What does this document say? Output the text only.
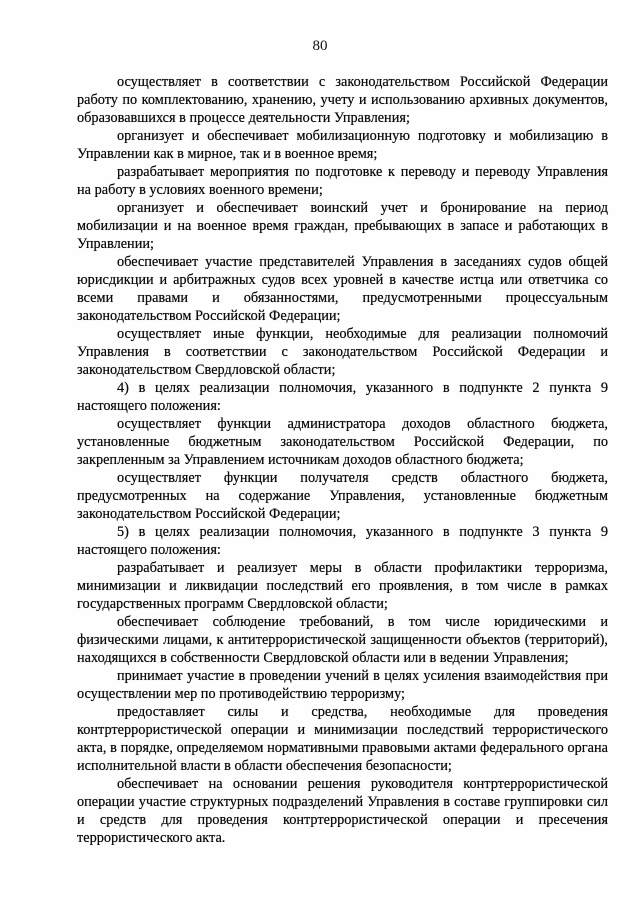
80

осуществляет в соответствии с законодательством Российской Федерации работу по комплектованию, хранению, учету и использованию архивных документов, образовавшихся в процессе деятельности Управления;

организует и обеспечивает мобилизационную подготовку и мобилизацию в Управлении как в мирное, так и в военное время;

разрабатывает мероприятия по подготовке к переводу и переводу Управления на работу в условиях военного времени;

организует и обеспечивает воинский учет и бронирование на период мобилизации и на военное время граждан, пребывающих в запасе и работающих в Управлении;

обеспечивает участие представителей Управления в заседаниях судов общей юрисдикции и арбитражных судов всех уровней в качестве истца или ответчика со всеми правами и обязанностями, предусмотренными процессуальным законодательством Российской Федерации;

осуществляет иные функции, необходимые для реализации полномочий Управления в соответствии с законодательством Российской Федерации и законодательством Свердловской области;

4) в целях реализации полномочия, указанного в подпункте 2 пункта 9 настоящего положения:

осуществляет функции администратора доходов областного бюджета, установленные бюджетным законодательством Российской Федерации, по закрепленным за Управлением источникам доходов областного бюджета;

осуществляет функции получателя средств областного бюджета, предусмотренных на содержание Управления, установленные бюджетным законодательством Российской Федерации;

5) в целях реализации полномочия, указанного в подпункте 3 пункта 9 настоящего положения:

разрабатывает и реализует меры в области профилактики терроризма, минимизации и ликвидации последствий его проявления, в том числе в рамках государственных программ Свердловской области;

обеспечивает соблюдение требований, в том числе юридическими и физическими лицами, к антитеррористической защищенности объектов (территорий), находящихся в собственности Свердловской области или в ведении Управления;

принимает участие в проведении учений в целях усиления взаимодействия при осуществлении мер по противодействию терроризму;

предоставляет силы и средства, необходимые для проведения контртеррористической операции и минимизации последствий террористического акта, в порядке, определяемом нормативными правовыми актами федерального органа исполнительной власти в области обеспечения безопасности;

обеспечивает на основании решения руководителя контртеррористической операции участие структурных подразделений Управления в составе группировки сил и средств для проведения контртеррористической операции и пресечения террористического акта.
